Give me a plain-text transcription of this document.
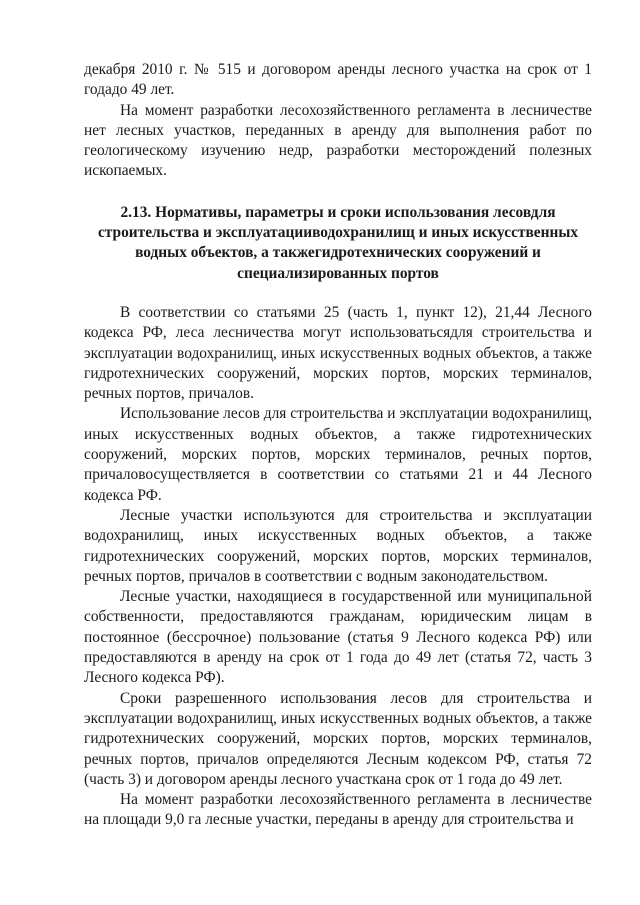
декабря 2010 г. № 515 и договором аренды лесного участка на срок от 1 годадо 49 лет.

На момент разработки лесохозяйственного регламента в лесничестве нет лесных участков, переданных в аренду для выполнения работ по геологическому изучению недр, разработки месторождений полезных ископаемых.

2.13. Нормативы, параметры и сроки использования лесовдля строительства и эксплуатацииводохранилищ и иных искусственных водных объектов, а такжегидротехнических сооружений и специализированных портов

В соответствии со статьями 25 (часть 1, пункт 12), 21,44 Лесного кодекса РФ, леса лесничества могут использоватьсядля строительства и эксплуатации водохранилищ, иных искусственных водных объектов, а также гидротехнических сооружений, морских портов, морских терминалов, речных портов, причалов.

Использование лесов для строительства и эксплуатации водохранилищ, иных искусственных водных объектов, а также гидротехнических сооружений, морских портов, морских терминалов, речных портов, причаловосуществляется в соответствии со статьями 21 и 44 Лесного кодекса РФ.

Лесные участки используются для строительства и эксплуатации водохранилищ, иных искусственных водных объектов, а также гидротехнических сооружений, морских портов, морских терминалов, речных портов, причалов в соответствии с водным законодательством.

Лесные участки, находящиеся в государственной или муниципальной собственности, предоставляются гражданам, юридическим лицам в постоянное (бессрочное) пользование (статья 9 Лесного кодекса РФ) или предоставляются в аренду на срок от 1 года до 49 лет (статья 72, часть 3 Лесного кодекса РФ).

Сроки разрешенного использования лесов для строительства и эксплуатации водохранилищ, иных искусственных водных объектов, а также гидротехнических сооружений, морских портов, морских терминалов, речных портов, причалов определяются Лесным кодексом РФ, статья 72 (часть 3) и договором аренды лесного участкана срок от 1 года до 49 лет.

На момент разработки лесохозяйственного регламента в лесничестве на площади 9,0 га лесные участки, переданы в аренду для строительства и
